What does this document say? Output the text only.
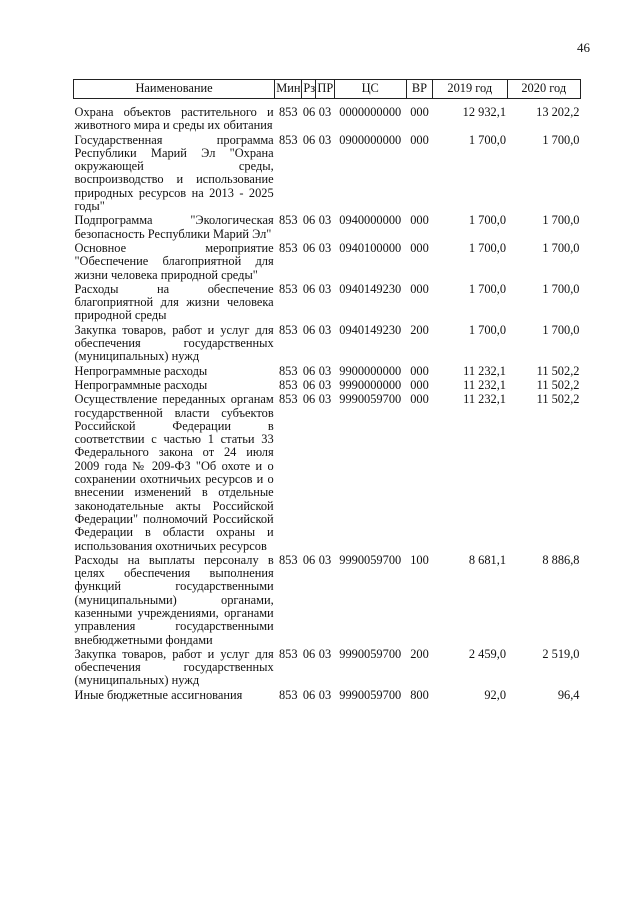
46
Наименование	Мин	Рз	ПР	ЦС	ВР	2019 год	2020 год

Охрана объектов растительного и животного мира и среды их обитания	853	06	03	0000000000	000	12 932,1	13 202,2
Государственная программа Республики Марий Эл "Охрана окружающей среды, воспроизводство и использование природных ресурсов на 2013 - 2025 годы"	853	06	03	0900000000	000	1 700,0	1 700,0
Подпрограмма "Экологическая безопасность Республики Марий Эл"	853	06	03	0940000000	000	1 700,0	1 700,0
Основное мероприятие "Обеспечение благоприятной для жизни человека природной среды"	853	06	03	0940100000	000	1 700,0	1 700,0
Расходы на обеспечение благоприятной для жизни человека природной среды	853	06	03	0940149230	000	1 700,0	1 700,0
Закупка товаров, работ и услуг для обеспечения государственных (муниципальных) нужд	853	06	03	0940149230	200	1 700,0	1 700,0
Непрограммные расходы	853	06	03	9900000000	000	11 232,1	11 502,2
Непрограммные расходы	853	06	03	9990000000	000	11 232,1	11 502,2
Осуществление переданных органам государственной власти субъектов Российской Федерации в соответствии с частью 1 статьи 33 Федерального закона от 24 июля 2009 года № 209-ФЗ "Об охоте и о сохранении охотничьих ресурсов и о внесении изменений в отдельные законодательные акты Российской Федерации" полномочий Российской Федерации в области охраны и использования охотничьих ресурсов	853	06	03	9990059700	000	11 232,1	11 502,2
Расходы на выплаты персоналу в целях обеспечения выполнения функций государственными (муниципальными) органами, казенными учреждениями, органами управления государственными внебюджетными фондами	853	06	03	9990059700	100	8 681,1	8 886,8
Закупка товаров, работ и услуг для обеспечения государственных (муниципальных) нужд	853	06	03	9990059700	200	2 459,0	2 519,0
Иные бюджетные ассигнования	853	06	03	9990059700	800	92,0	96,4
